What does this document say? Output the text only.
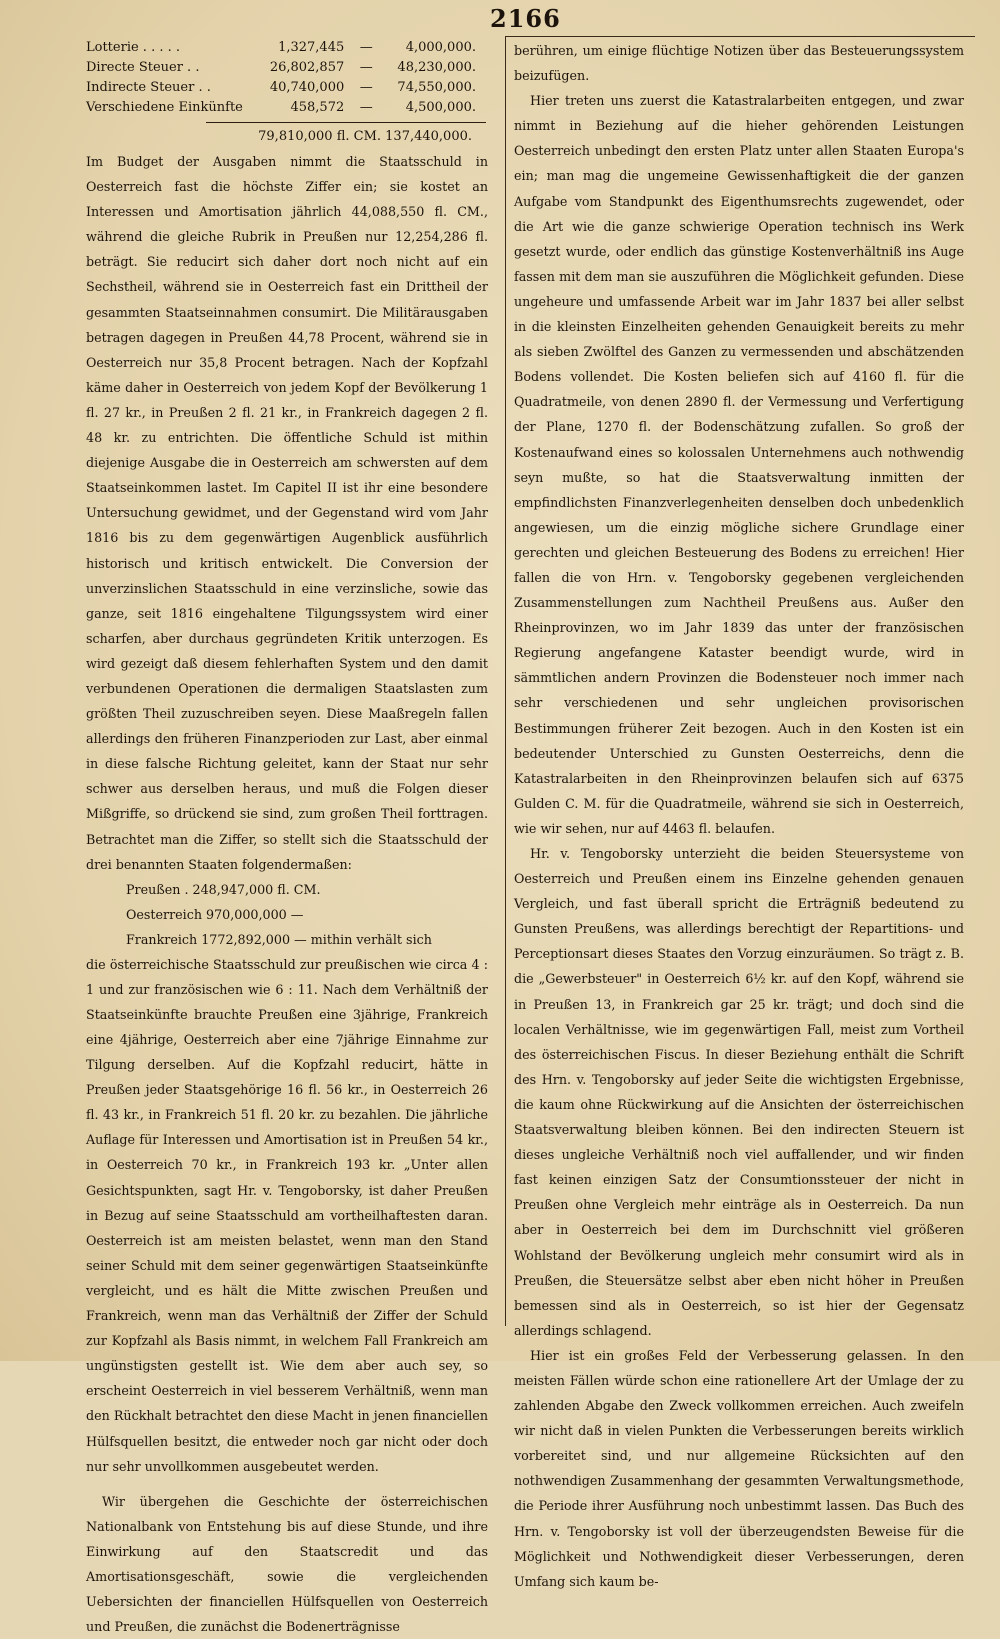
2166
Lotterie . . . . .	1,327,445	—	4,000,000.
Directe Steuer . .	26,802,857	—	48,230,000.
Indirecte Steuer . .	40,740,000	—	74,550,000.
Verschiedene Einkünfte	458,572	—	4,500,000.
79,810,000 fl. CM. 137,440,000.

Im Budget der Ausgaben nimmt die Staatsschuld in Oesterreich fast die höchste Ziffer ein; sie kostet an Interessen und Amortisation jährlich 44,088,550 fl. CM., während die gleiche Rubrik in Preußen nur 12,254,286 fl. beträgt. Sie reducirt sich daher dort noch nicht auf ein Sechstheil, während sie in Oesterreich fast ein Drittheil der gesammten Staatseinnahmen consumirt. Die Militärausgaben betragen dagegen in Preußen 44,78 Procent, während sie in Oesterreich nur 35,8 Procent betragen. Nach der Kopfzahl käme daher in Oesterreich von jedem Kopf der Bevölkerung 1 fl. 27 kr., in Preußen 2 fl. 21 kr., in Frankreich dagegen 2 fl. 48 kr. zu entrichten. Die öffentliche Schuld ist mithin diejenige Ausgabe die in Oesterreich am schwersten auf dem Staatseinkommen lastet. Im Capitel II ist ihr eine besondere Untersuchung gewidmet, und der Gegenstand wird vom Jahr 1816 bis zu dem gegenwärtigen Augenblick ausführlich historisch und kritisch entwickelt. Die Conversion der unverzinslichen Staatsschuld in eine verzinsliche, sowie das ganze, seit 1816 eingehaltene Tilgungssystem wird einer scharfen, aber durchaus gegründeten Kritik unterzogen. Es wird gezeigt daß diesem fehlerhaften System und den damit verbundenen Operationen die dermaligen Staatslasten zum größten Theil zuzuschreiben seyen. Diese Maaßregeln fallen allerdings den früheren Finanzperioden zur Last, aber einmal in diese falsche Richtung geleitet, kann der Staat nur sehr schwer aus derselben heraus, und muß die Folgen dieser Mißgriffe, so drückend sie sind, zum großen Theil forttragen. Betrachtet man die Ziffer, so stellt sich die Staatsschuld der drei benannten Staaten folgendermaßen:

Preußen . 248,947,000 fl. CM.
Oesterreich 970,000,000 —
Frankreich 1772,892,000 — mithin verhält sich

die österreichische Staatsschuld zur preußischen wie circa 4 : 1 und zur französischen wie 6 : 11. Nach dem Verhältniß der Staatseinkünfte brauchte Preußen eine 3jährige, Frankreich eine 4jährige, Oesterreich aber eine 7jährige Einnahme zur Tilgung derselben. Auf die Kopfzahl reducirt, hätte in Preußen jeder Staatsgehörige 16 fl. 56 kr., in Oesterreich 26 fl. 43 kr., in Frankreich 51 fl. 20 kr. zu bezahlen. Die jährliche Auflage für Interessen und Amortisation ist in Preußen 54 kr., in Oesterreich 70 kr., in Frankreich 193 kr. „Unter allen Gesichtspunkten, sagt Hr. v. Tengoborsky, ist daher Preußen in Bezug auf seine Staatsschuld am vortheilhaftesten daran. Oesterreich ist am meisten belastet, wenn man den Stand seiner Schuld mit dem seiner gegenwärtigen Staatseinkünfte vergleicht, und es hält die Mitte zwischen Preußen und Frankreich, wenn man das Verhältniß der Ziffer der Schuld zur Kopfzahl als Basis nimmt, in welchem Fall Frankreich am ungünstigsten gestellt ist. Wie dem aber auch sey, so erscheint Oesterreich in viel besserem Verhältniß, wenn man den Rückhalt betrachtet den diese Macht in jenen financiellen Hülfsquellen besitzt, die entweder noch gar nicht oder doch nur sehr unvollkommen ausgebeutet werden.

Wir übergehen die Geschichte der österreichischen Nationalbank von Entstehung bis auf diese Stunde, und ihre Einwirkung auf den Staatscredit und das Amortisationsgeschäft, sowie die vergleichenden Uebersichten der financiellen Hülfsquellen von Oesterreich und Preußen, die zunächst die Bodenerträgnisse

berühren, um einige flüchtige Notizen über das Besteuerungssystem beizufügen.

Hier treten uns zuerst die Katastralarbeiten entgegen, und zwar nimmt in Beziehung auf die hieher gehörenden Leistungen Oesterreich unbedingt den ersten Platz unter allen Staaten Europa's ein; man mag die ungemeine Gewissenhaftigkeit die der ganzen Aufgabe vom Standpunkt des Eigenthumsrechts zugewendet, oder die Art wie die ganze schwierige Operation technisch ins Werk gesetzt wurde, oder endlich das günstige Kostenverhältniß ins Auge fassen mit dem man sie auszuführen die Möglichkeit gefunden. Diese ungeheure und umfassende Arbeit war im Jahr 1837 bei aller selbst in die kleinsten Einzelheiten gehenden Genauigkeit bereits zu mehr als sieben Zwölftel des Ganzen zu vermessenden und abschätzenden Bodens vollendet. Die Kosten beliefen sich auf 4160 fl. für die Quadratmeile, von denen 2890 fl. der Vermessung und Verfertigung der Plane, 1270 fl. der Bodenschätzung zufallen. So groß der Kostenaufwand eines so kolossalen Unternehmens auch nothwendig seyn mußte, so hat die Staatsverwaltung inmitten der empfindlichsten Finanzverlegenheiten denselben doch unbedenklich angewiesen, um die einzig mögliche sichere Grundlage einer gerechten und gleichen Besteuerung des Bodens zu erreichen! Hier fallen die von Hrn. v. Tengoborsky gegebenen vergleichenden Zusammenstellungen zum Nachtheil Preußens aus. Außer den Rheinprovinzen, wo im Jahr 1839 das unter der französischen Regierung angefangene Kataster beendigt wurde, wird in sämmtlichen andern Provinzen die Bodensteuer noch immer nach sehr verschiedenen und sehr ungleichen provisorischen Bestimmungen früherer Zeit bezogen. Auch in den Kosten ist ein bedeutender Unterschied zu Gunsten Oesterreichs, denn die Katastralarbeiten in den Rheinprovinzen belaufen sich auf 6375 Gulden C. M. für die Quadratmeile, während sie sich in Oesterreich, wie wir sehen, nur auf 4463 fl. belaufen.

Hr. v. Tengoborsky unterzieht die beiden Steuersysteme von Oesterreich und Preußen einem ins Einzelne gehenden genauen Vergleich, und fast überall spricht die Erträgniß bedeutend zu Gunsten Preußens, was allerdings berechtigt der Repartitions- und Perceptionsart dieses Staates den Vorzug einzuräumen. So trägt z. B. die „Gewerbsteuer" in Oesterreich 6½ kr. auf den Kopf, während sie in Preußen 13, in Frankreich gar 25 kr. trägt; und doch sind die localen Verhältnisse, wie im gegenwärtigen Fall, meist zum Vortheil des österreichischen Fiscus. In dieser Beziehung enthält die Schrift des Hrn. v. Tengoborsky auf jeder Seite die wichtigsten Ergebnisse, die kaum ohne Rückwirkung auf die Ansichten der österreichischen Staatsverwaltung bleiben können. Bei den indirecten Steuern ist dieses ungleiche Verhältniß noch viel auffallender, und wir finden fast keinen einzigen Satz der Consumtionssteuer der nicht in Preußen ohne Vergleich mehr einträge als in Oesterreich. Da nun aber in Oesterreich bei dem im Durchschnitt viel größeren Wohlstand der Bevölkerung ungleich mehr consumirt wird als in Preußen, die Steuersätze selbst aber eben nicht höher in Preußen bemessen sind als in Oesterreich, so ist hier der Gegensatz allerdings schlagend.

Hier ist ein großes Feld der Verbesserung gelassen. In den meisten Fällen würde schon eine rationellere Art der Umlage der zu zahlenden Abgabe den Zweck vollkommen erreichen. Auch zweifeln wir nicht daß in vielen Punkten die Verbesserungen bereits wirklich vorbereitet sind, und nur allgemeine Rücksichten auf den nothwendigen Zusammenhang der gesammten Verwaltungsmethode, die Periode ihrer Ausführung noch unbestimmt lassen. Das Buch des Hrn. v. Tengoborsky ist voll der überzeugendsten Beweise für die Möglichkeit und Nothwendigkeit dieser Verbesserungen, deren Umfang sich kaum be-
